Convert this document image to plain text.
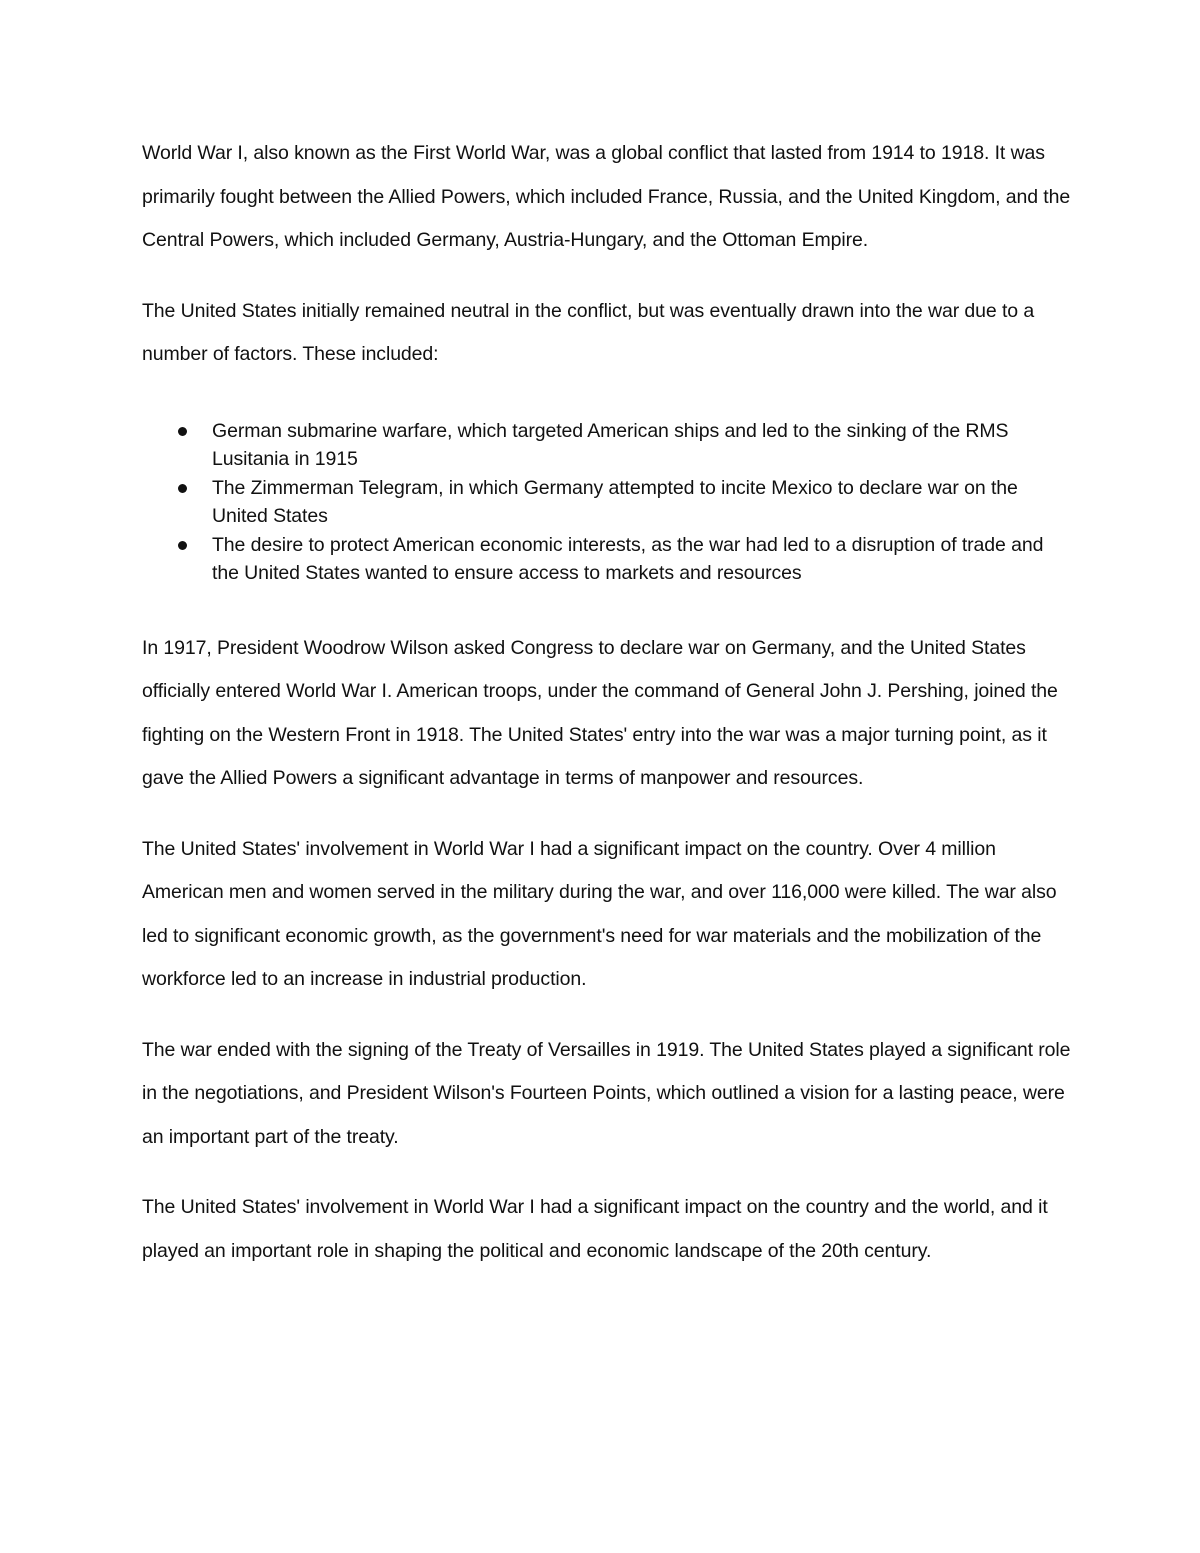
World War I, also known as the First World War, was a global conflict that lasted from 1914 to 1918. It was primarily fought between the Allied Powers, which included France, Russia, and the United Kingdom, and the Central Powers, which included Germany, Austria-Hungary, and the Ottoman Empire.

The United States initially remained neutral in the conflict, but was eventually drawn into the war due to a number of factors. These included:

German submarine warfare, which targeted American ships and led to the sinking of the RMS Lusitania in 1915
The Zimmerman Telegram, in which Germany attempted to incite Mexico to declare war on the United States
The desire to protect American economic interests, as the war had led to a disruption of trade and the United States wanted to ensure access to markets and resources

In 1917, President Woodrow Wilson asked Congress to declare war on Germany, and the United States officially entered World War I. American troops, under the command of General John J. Pershing, joined the fighting on the Western Front in 1918. The United States' entry into the war was a major turning point, as it gave the Allied Powers a significant advantage in terms of manpower and resources.

The United States' involvement in World War I had a significant impact on the country. Over 4 million American men and women served in the military during the war, and over 116,000 were killed. The war also led to significant economic growth, as the government's need for war materials and the mobilization of the workforce led to an increase in industrial production.

The war ended with the signing of the Treaty of Versailles in 1919. The United States played a significant role in the negotiations, and President Wilson's Fourteen Points, which outlined a vision for a lasting peace, were an important part of the treaty.

The United States' involvement in World War I had a significant impact on the country and the world, and it played an important role in shaping the political and economic landscape of the 20th century.
